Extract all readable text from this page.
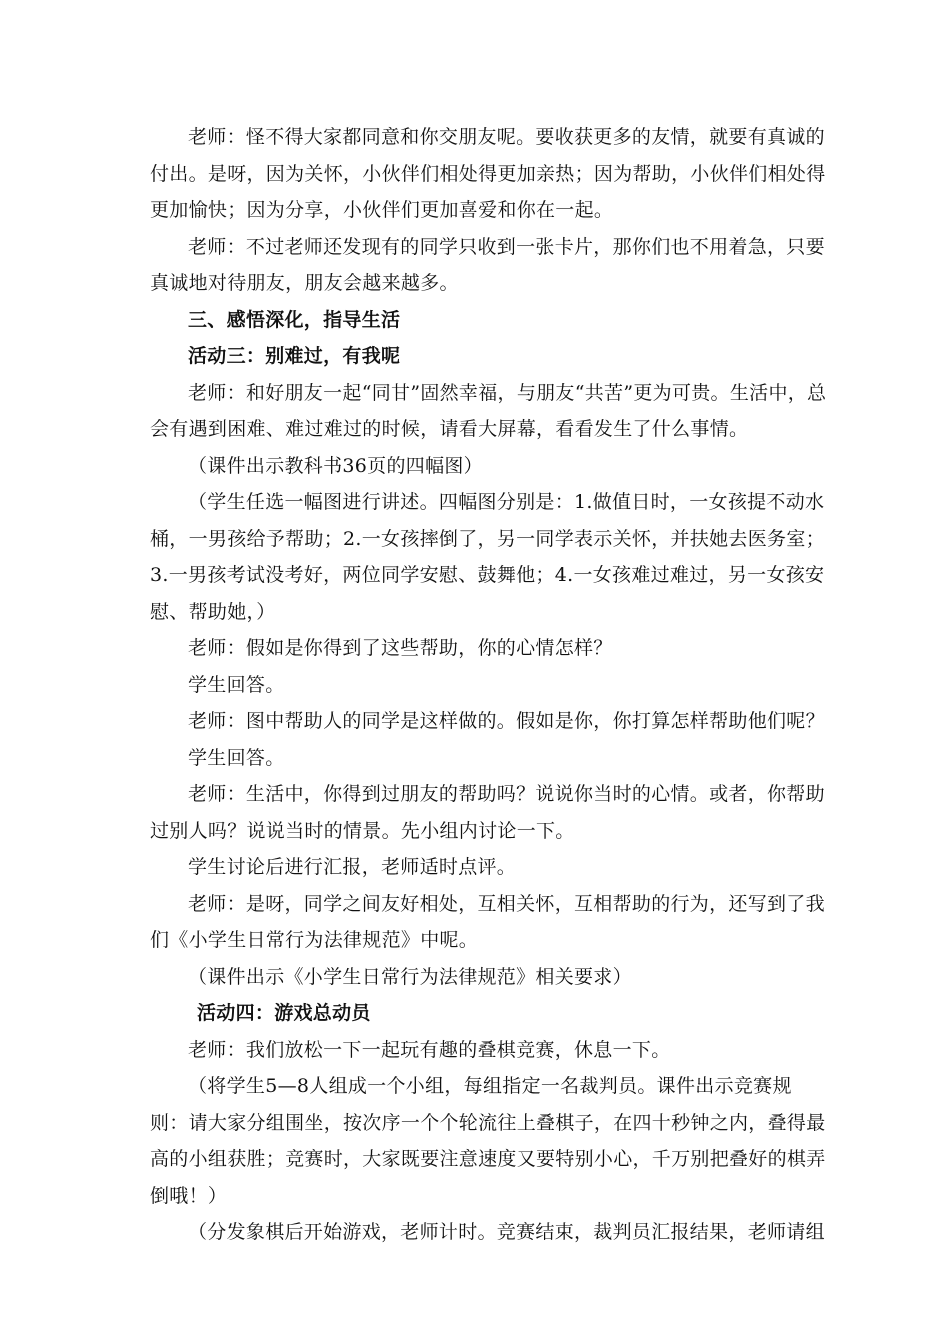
老师：怪不得大家都同意和你交朋友呢。要收获更多的友情，就要有真诚的付出。是呀，因为关怀，小伙伴们相处得更加亲热；因为帮助，小伙伴们相处得更加愉快；因为分享，小伙伴们更加喜爱和你在一起。

老师：不过老师还发现有的同学只收到一张卡片，那你们也不用着急，只要真诚地对待朋友，朋友会越来越多。

三、感悟深化，指导生活

活动三：别难过，有我呢

老师：和好朋友一起“同甘”固然幸福，与朋友“共苦”更为可贵。生活中，总会有遇到困难、难过难过的时候，请看大屏幕，看看发生了什么事情。

（课件出示教科书36页的四幅图）

（学生任选一幅图进行讲述。四幅图分别是：1.做值日时，一女孩提不动水桶，一男孩给予帮助；2.一女孩摔倒了，另一同学表示关怀，并扶她去医务室；3.一男孩考试没考好，两位同学安慰、鼓舞他；4.一女孩难过难过，另一女孩安慰、帮助她，）

老师：假如是你得到了这些帮助，你的心情怎样？

学生回答。

老师：图中帮助人的同学是这样做的。假如是你，你打算怎样帮助他们呢？

学生回答。

老师：生活中，你得到过朋友的帮助吗？说说你当时的心情。或者，你帮助过别人吗？说说当时的情景。先小组内讨论一下。

学生讨论后进行汇报，老师适时点评。

老师：是呀，同学之间友好相处，互相关怀，互相帮助的行为，还写到了我们《小学生日常行为法律规范》中呢。

（课件出示《小学生日常行为法律规范》相关要求）

活动四：游戏总动员

老师：我们放松一下一起玩有趣的叠棋竞赛，休息一下。

（将学生5—8人组成一个小组，每组指定一名裁判员。课件出示竞赛规则：请大家分组围坐，按次序一个个轮流往上叠棋子，在四十秒钟之内，叠得最高的小组获胜；竞赛时，大家既要注意速度又要特别小心，千万别把叠好的棋弄倒哦！）

（分发象棋后开始游戏，老师计时。竞赛结束，裁判员汇报结果，老师请组
